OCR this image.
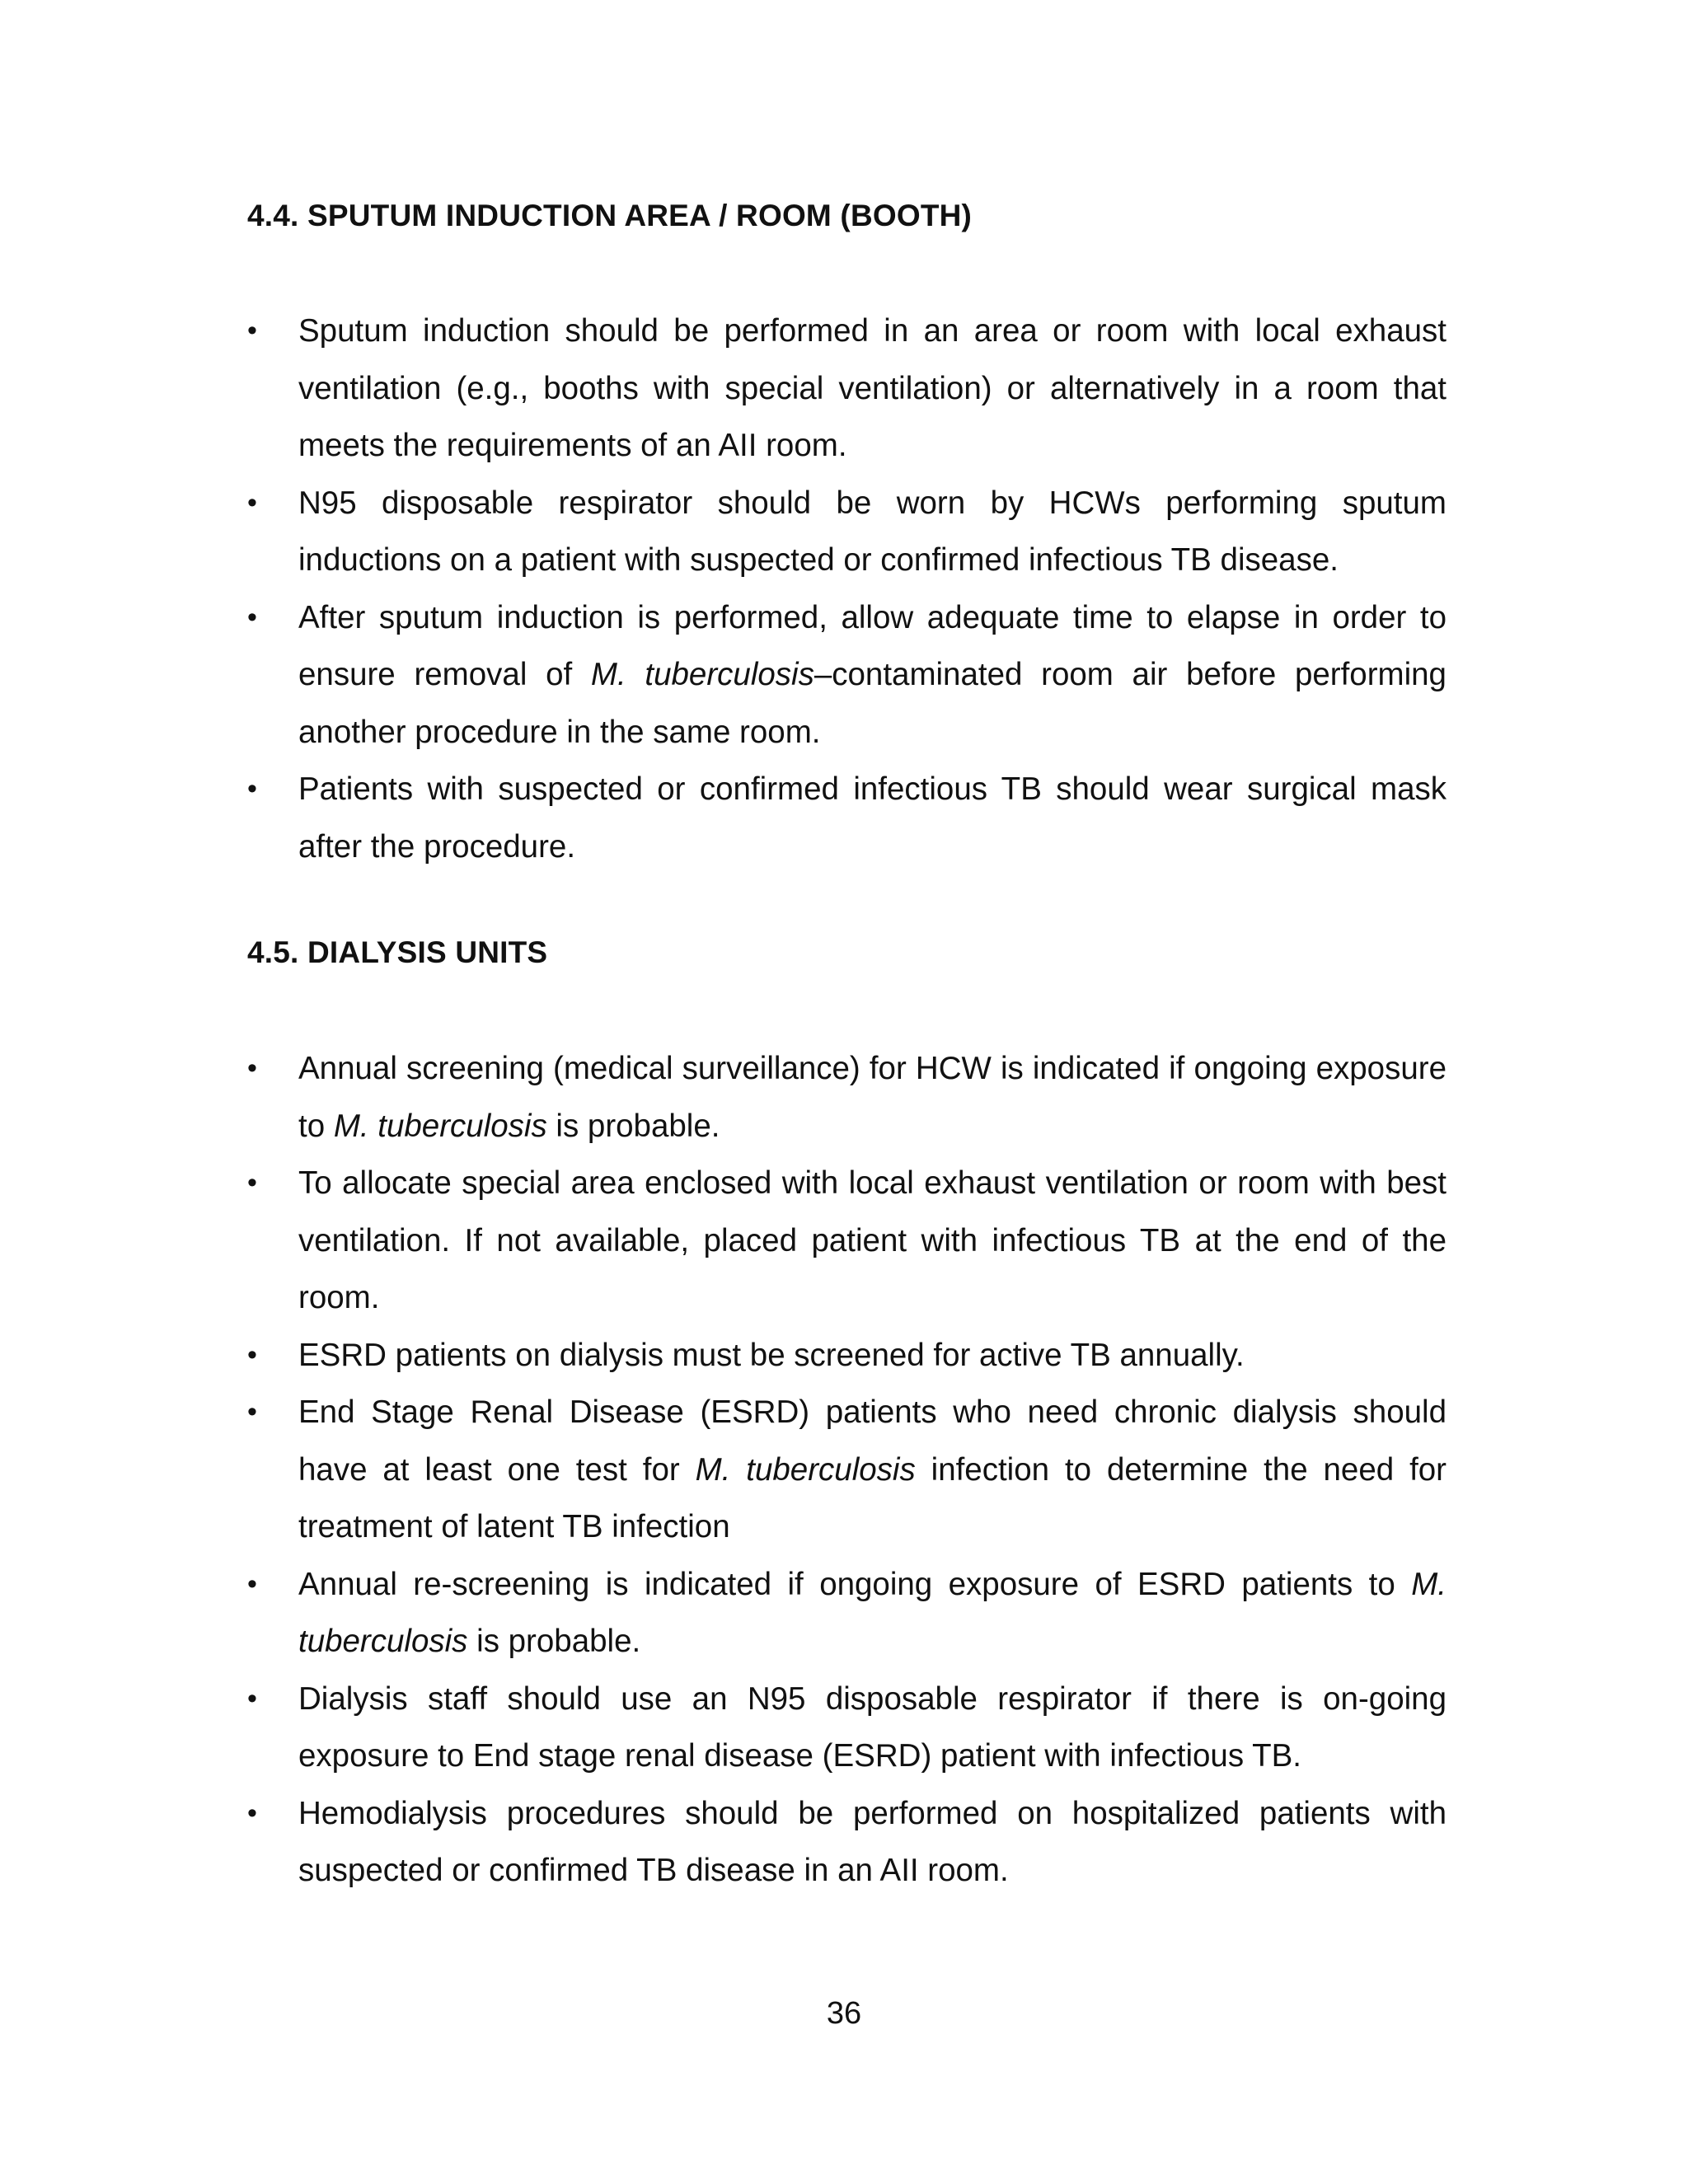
4.4. SPUTUM INDUCTION AREA / ROOM (BOOTH)
•	Sputum induction should be performed in an area or room with local exhaust ventilation (e.g., booths with special ventilation) or alternatively in a room that meets the requirements of an AII room.
•	N95 disposable respirator should be worn by HCWs performing sputum inductions on a patient with suspected or confirmed infectious TB disease.
•	After sputum induction is performed, allow adequate time to elapse in order to ensure removal of M. tuberculosis–contaminated room air before performing another procedure in the same room.
•	Patients with suspected or confirmed infectious TB should wear surgical mask after the procedure.
4.5. DIALYSIS UNITS
•	Annual screening (medical surveillance) for HCW is indicated if ongoing exposure to M. tuberculosis is probable.
•	To allocate special area enclosed with local exhaust ventilation or room with best ventilation. If not available, placed patient with infectious TB at the end of the room.
•	ESRD patients on dialysis must be screened for active TB annually.
•	End Stage Renal Disease (ESRD) patients who need chronic dialysis should have at least one test for M. tuberculosis infection to determine the need for treatment of latent TB infection
•	Annual re-screening is indicated if ongoing exposure of ESRD patients to M. tuberculosis is probable.
•	Dialysis staff should use an N95 disposable respirator if there is on-going exposure to End stage renal disease (ESRD) patient with infectious TB.
•	Hemodialysis procedures should be performed on hospitalized patients with suspected or confirmed TB disease in an AII room.
36
